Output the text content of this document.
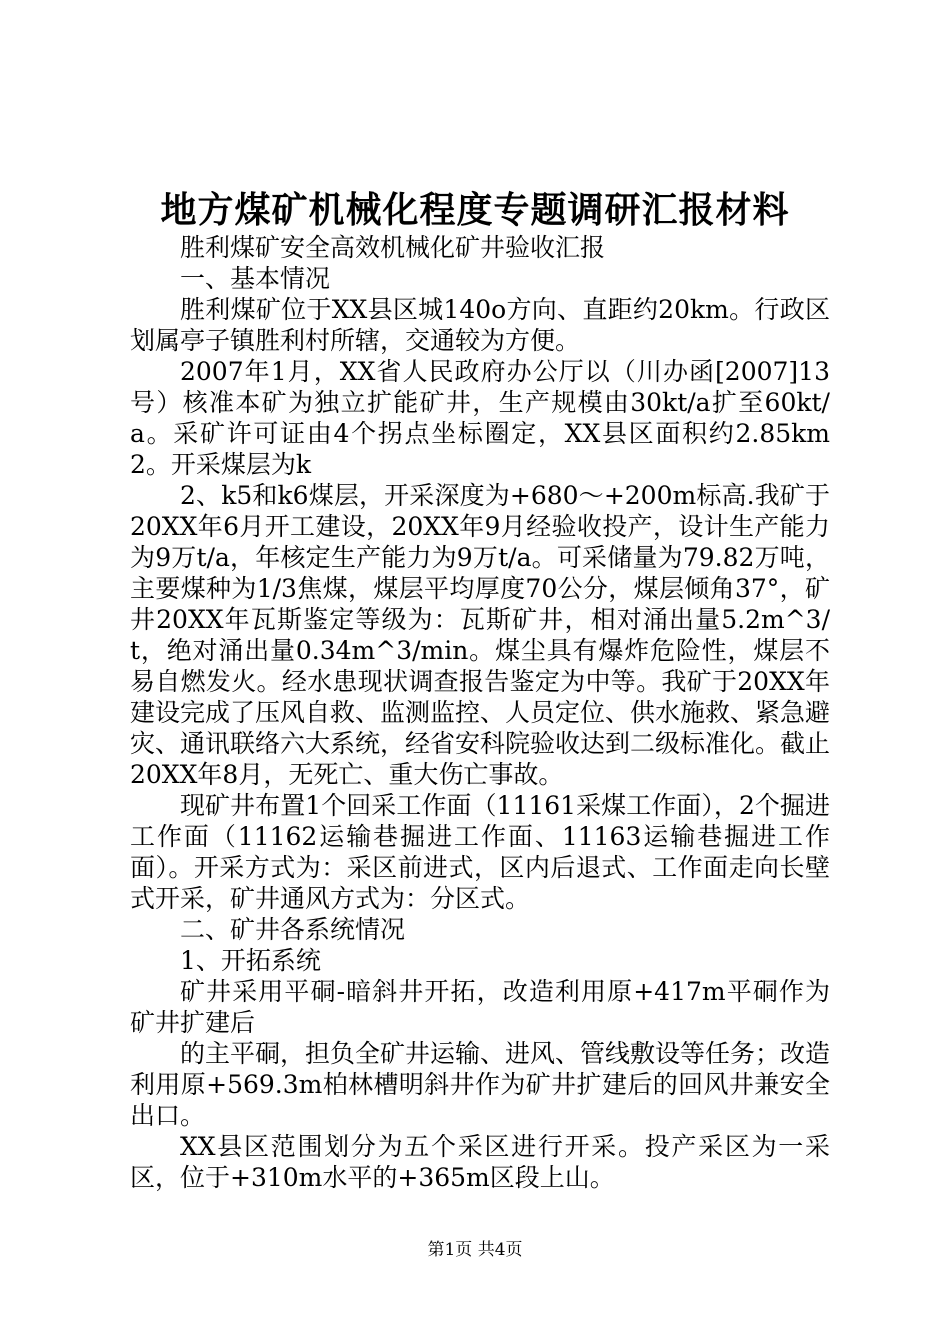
地方煤矿机械化程度专题调研汇报材料

胜利煤矿安全高效机械化矿井验收汇报

一、基本情况

胜利煤矿位于XX县区城140o方向、直距约20km。行政区划属亭子镇胜利村所辖，交通较为方便。

2007年1月，XX省人民政府办公厅以（川办函[2007]13号）核准本矿为独立扩能矿井，生产规模由30kt/a扩至60kt/a。采矿许可证由4个拐点坐标圈定，XX县区面积约2.85km2。开采煤层为k

2、k5和k6煤层，开采深度为+680～+200m标高.我矿于20XX年6月开工建设，20XX年9月经验收投产，设计生产能力为9万t/a，年核定生产能力为9万t/a。可采储量为79.82万吨，主要煤种为1/3焦煤，煤层平均厚度70公分，煤层倾角37°，矿井20XX年瓦斯鉴定等级为：瓦斯矿井，相对涌出量5.2m^3/t，绝对涌出量0.34m^3/min。煤尘具有爆炸危险性，煤层不易自燃发火。经水患现状调查报告鉴定为中等。我矿于20XX年建设完成了压风自救、监测监控、人员定位、供水施救、紧急避灾、通讯联络六大系统，经省安科院验收达到二级标准化。截止20XX年8月，无死亡、重大伤亡事故。

现矿井布置1个回采工作面（11161采煤工作面），2个掘进工作面（11162运输巷掘进工作面、11163运输巷掘进工作面）。开采方式为：采区前进式，区内后退式、工作面走向长壁式开采，矿井通风方式为：分区式。

二、矿井各系统情况

1、开拓系统

矿井采用平硐-暗斜井开拓，改造利用原+417m平硐作为矿井扩建后

的主平硐，担负全矿井运输、进风、管线敷设等任务；改造利用原+569.3m柏林槽明斜井作为矿井扩建后的回风井兼安全出口。

XX县区范围划分为五个采区进行开采。投产采区为一采区，位于+310m水平的+365m区段上山。

第1页 共4页
